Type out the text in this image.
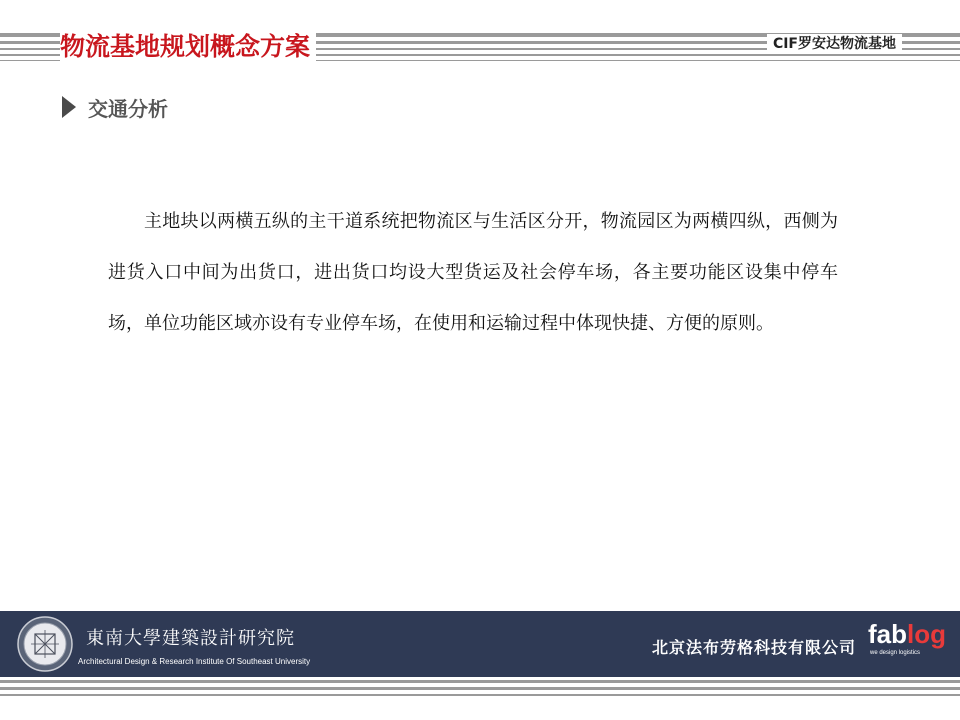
物流基地规划概念方案	CIF罗安达物流基地
交通分析

主地块以两横五纵的主干道系统把物流区与生活区分开，物流园区为两横四纵，西侧为进货入口中间为出货口，进出货口均设大型货运及社会停车场，各主要功能区设集中停车场，单位功能区域亦设有专业停车场，在使用和运输过程中体现快捷、方便的原则。

東南大學建築設計研究院
Architectural Design & Research Institute Of Southeast University
北京法布劳格科技有限公司 fablog
we design logistics
